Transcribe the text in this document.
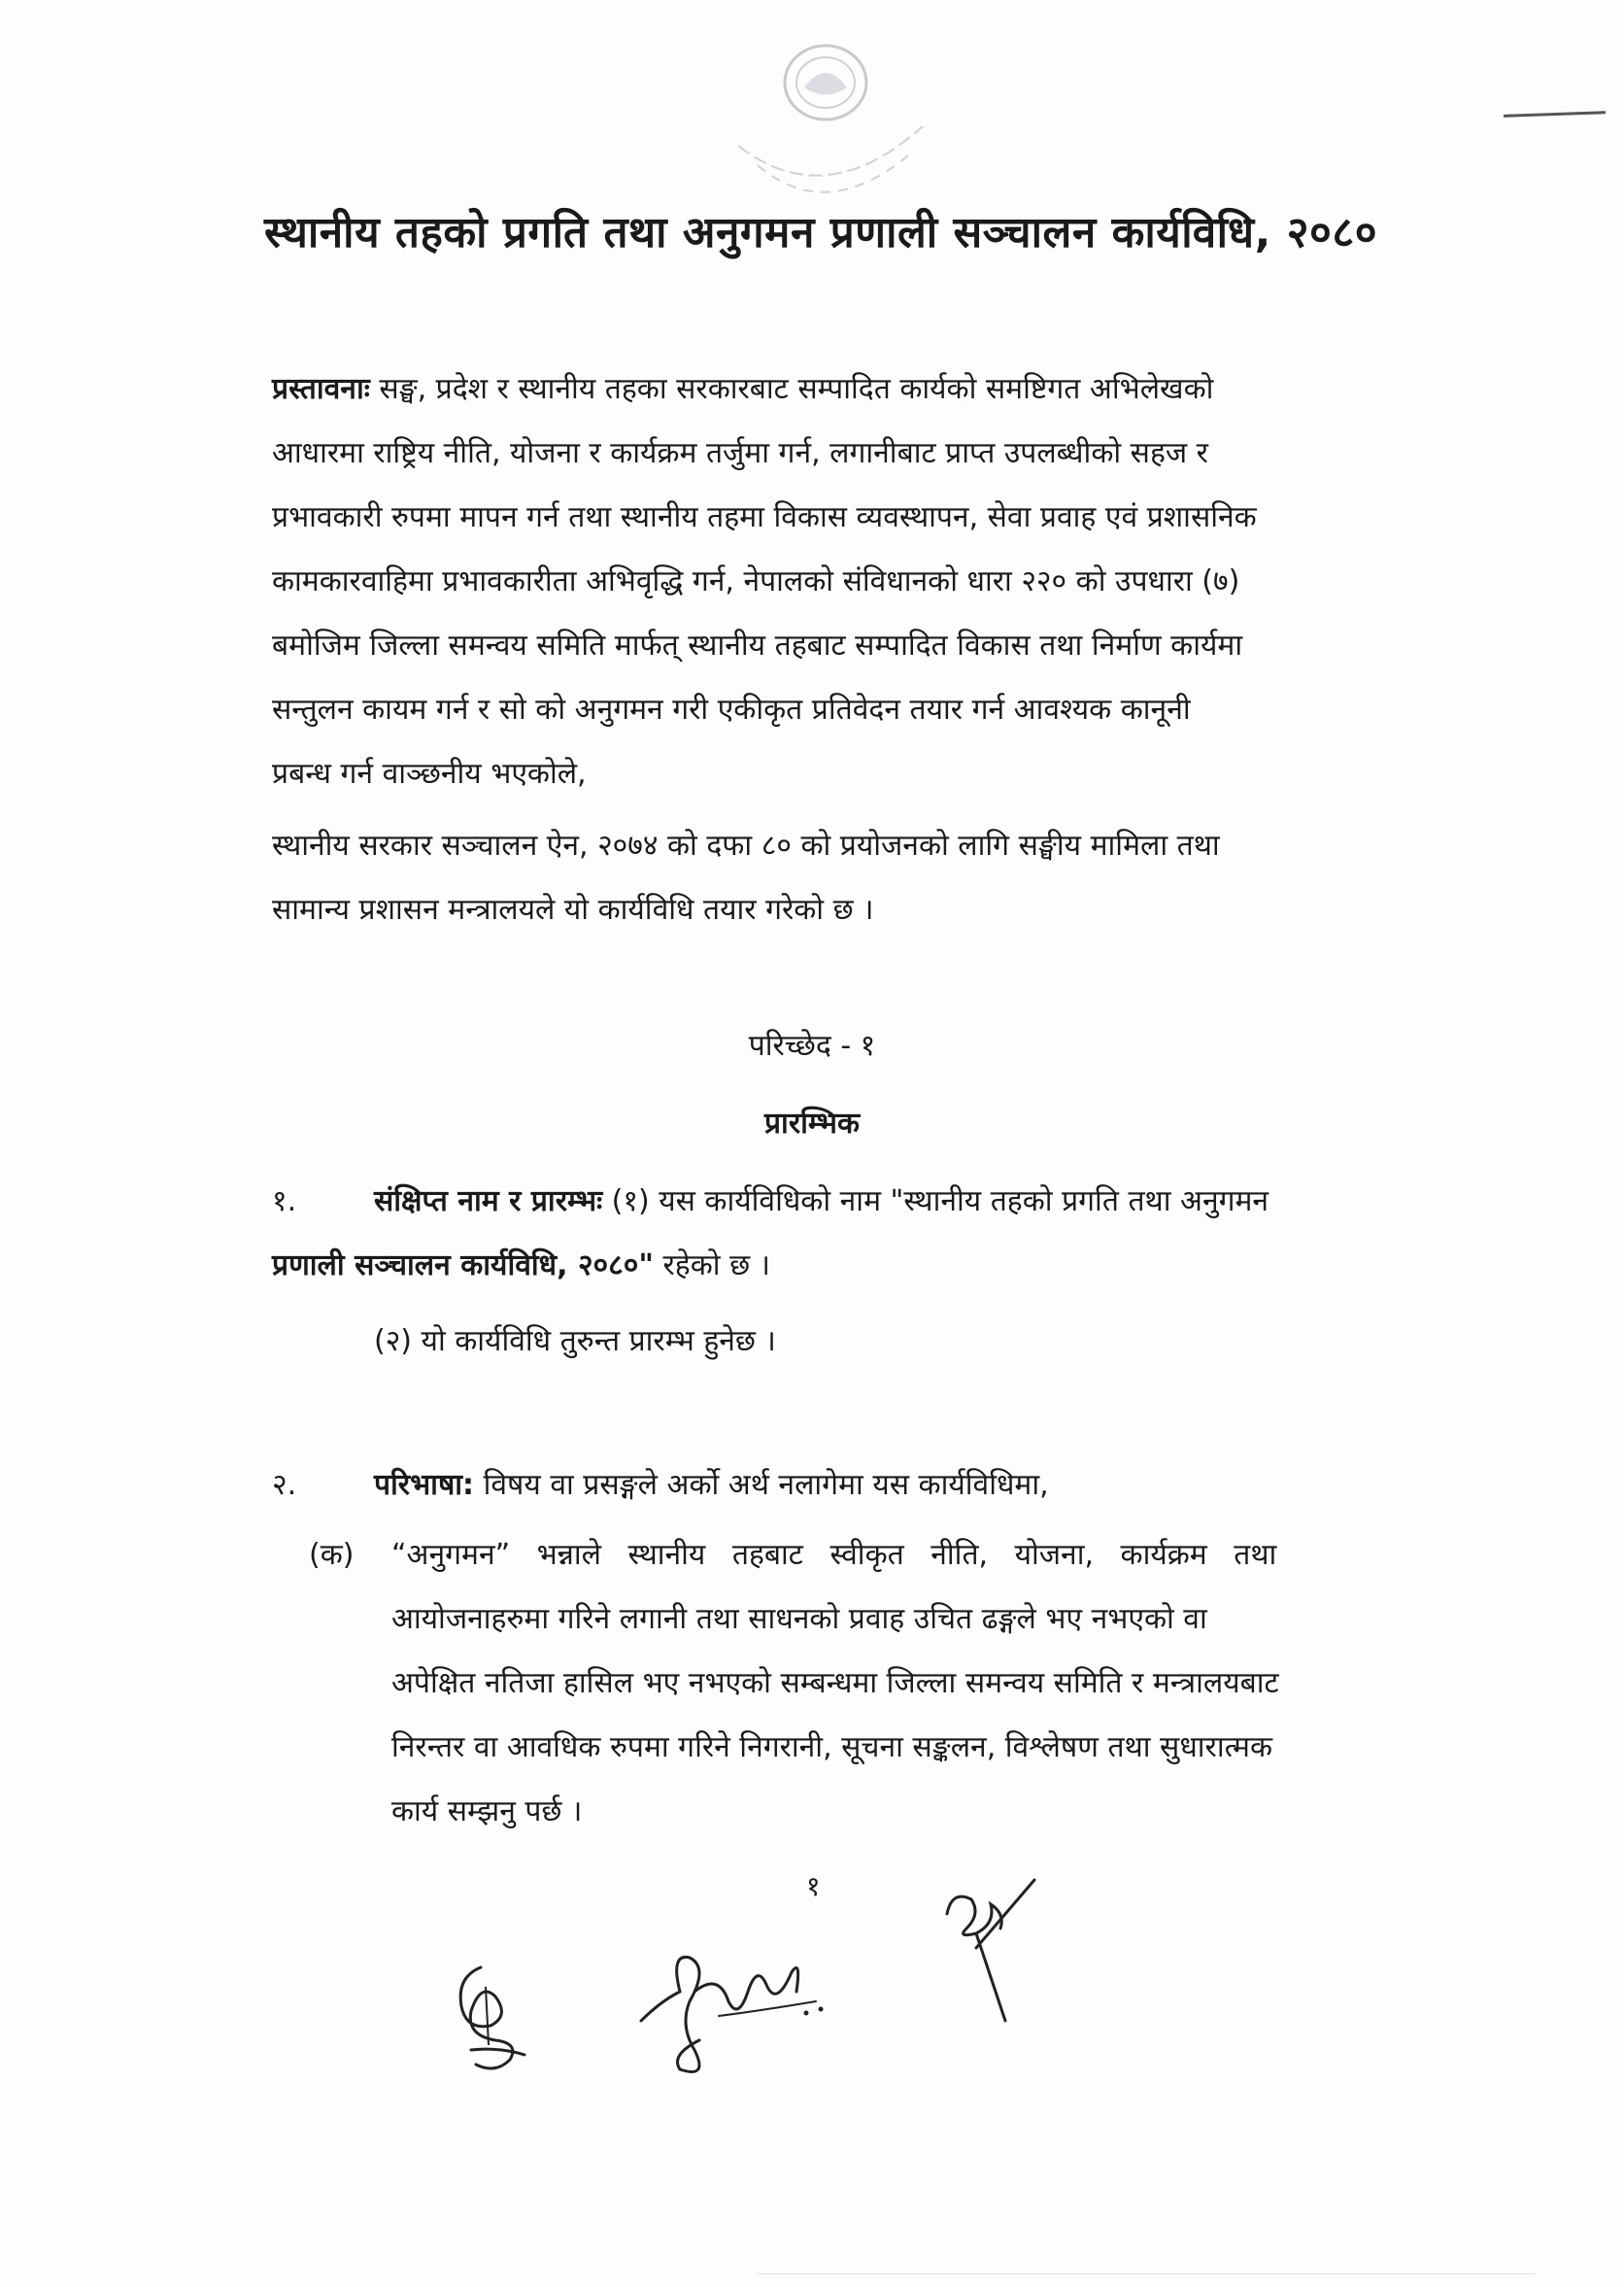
स्थानीय तहको प्रगति तथा अनुगमन प्रणाली सञ्चालन कार्यविधि, २०८०
प्रस्तावनाः सङ्घ, प्रदेश र स्थानीय तहका सरकारबाट सम्पादित कार्यको समष्टिगत अभिलेखको
आधारमा राष्ट्रिय नीति, योजना र कार्यक्रम तर्जुमा गर्न, लगानीबाट प्राप्त उपलब्धीको सहज र
प्रभावकारी रुपमा मापन गर्न तथा स्थानीय तहमा विकास व्यवस्थापन, सेवा प्रवाह एवं प्रशासनिक
कामकारवाहिमा प्रभावकारीता अभिवृद्धि गर्न, नेपालको संविधानको धारा २२० को उपधारा (७)
बमोजिम जिल्ला समन्वय समिति मार्फत् स्थानीय तहबाट सम्पादित विकास तथा निर्माण कार्यमा
सन्तुलन कायम गर्न र सो को अनुगमन गरी एकीकृत प्रतिवेदन तयार गर्न आवश्यक कानूनी
प्रबन्ध गर्न वाञ्छनीय भएकोले,
स्थानीय सरकार सञ्चालन ऐन, २०७४ को दफा ८० को प्रयोजनको लागि सङ्घीय मामिला तथा
सामान्य प्रशासन मन्त्रालयले यो कार्यविधि तयार गरेको छ ।
परिच्छेद - १
प्रारम्भिक
१.	संक्षिप्त नाम र प्रारम्भः (१) यस कार्यविधिको नाम "स्थानीय तहको प्रगति तथा अनुगमन
प्रणाली सञ्चालन कार्यविधि, २०८०" रहेको छ ।
(२) यो कार्यविधि तुरुन्त प्रारम्भ हुनेछ ।
२.	परिभाषा: विषय वा प्रसङ्गले अर्को अर्थ नलागेमा यस कार्यविधिमा,
(क) “अनुगमन” भन्नाले स्थानीय तहबाट स्वीकृत नीति, योजना, कार्यक्रम तथा
आयोजनाहरुमा गरिने लगानी तथा साधनको प्रवाह उचित ढङ्गले भए नभएको वा
अपेक्षित नतिजा हासिल भए नभएको सम्बन्धमा जिल्ला समन्वय समिति र मन्त्रालयबाट
निरन्तर वा आवधिक रुपमा गरिने निगरानी, सूचना सङ्कलन, विश्लेषण तथा सुधारात्मक
कार्य सम्झनु पर्छ ।
१
